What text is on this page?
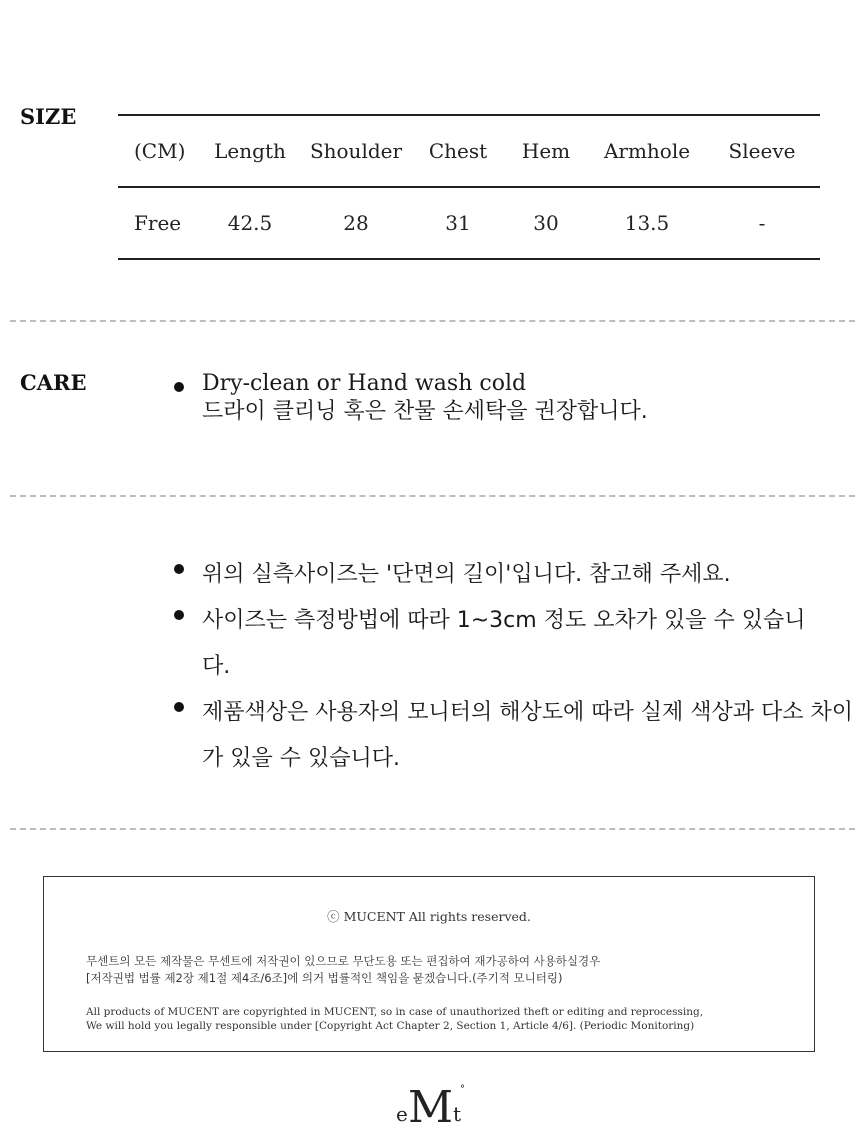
SIZE
(CM)	Length	Shoulder	Chest	Hem	Armhole	Sleeve
Free	42.5	28	31	30	13.5	-
CARE	Dry-clean or Hand wash cold
드라이 클리닝 혹은 찬물 손세탁을 권장합니다.
위의 실측사이즈는 '단면의 길이'입니다. 참고해 주세요.
사이즈는 측정방법에 따라 1~3cm 정도 오차가 있을 수 있습니다.
제품색상은 사용자의 모니터의 해상도에 따라 실제 색상과 다소 차이가 있을 수 있습니다.
ⓒ MUCENT All rights reserved.
무센트의 모든 제작물은 무센트에 저작권이 있으므로 무단도용 또는 편집하여 재가공하여 사용하실경우
[저작권법 법률 제2장 제1절 제4조/6조]에 의거 법률적인 책임을 묻겠습니다.(주기적 모니터링)
All products of MUCENT are copyrighted in MUCENT, so in case of unauthorized theft or editing and reprocessing,
We will hold you legally responsible under [Copyright Act Chapter 2, Section 1, Article 4/6]. (Periodic Monitoring)
e M t
°
